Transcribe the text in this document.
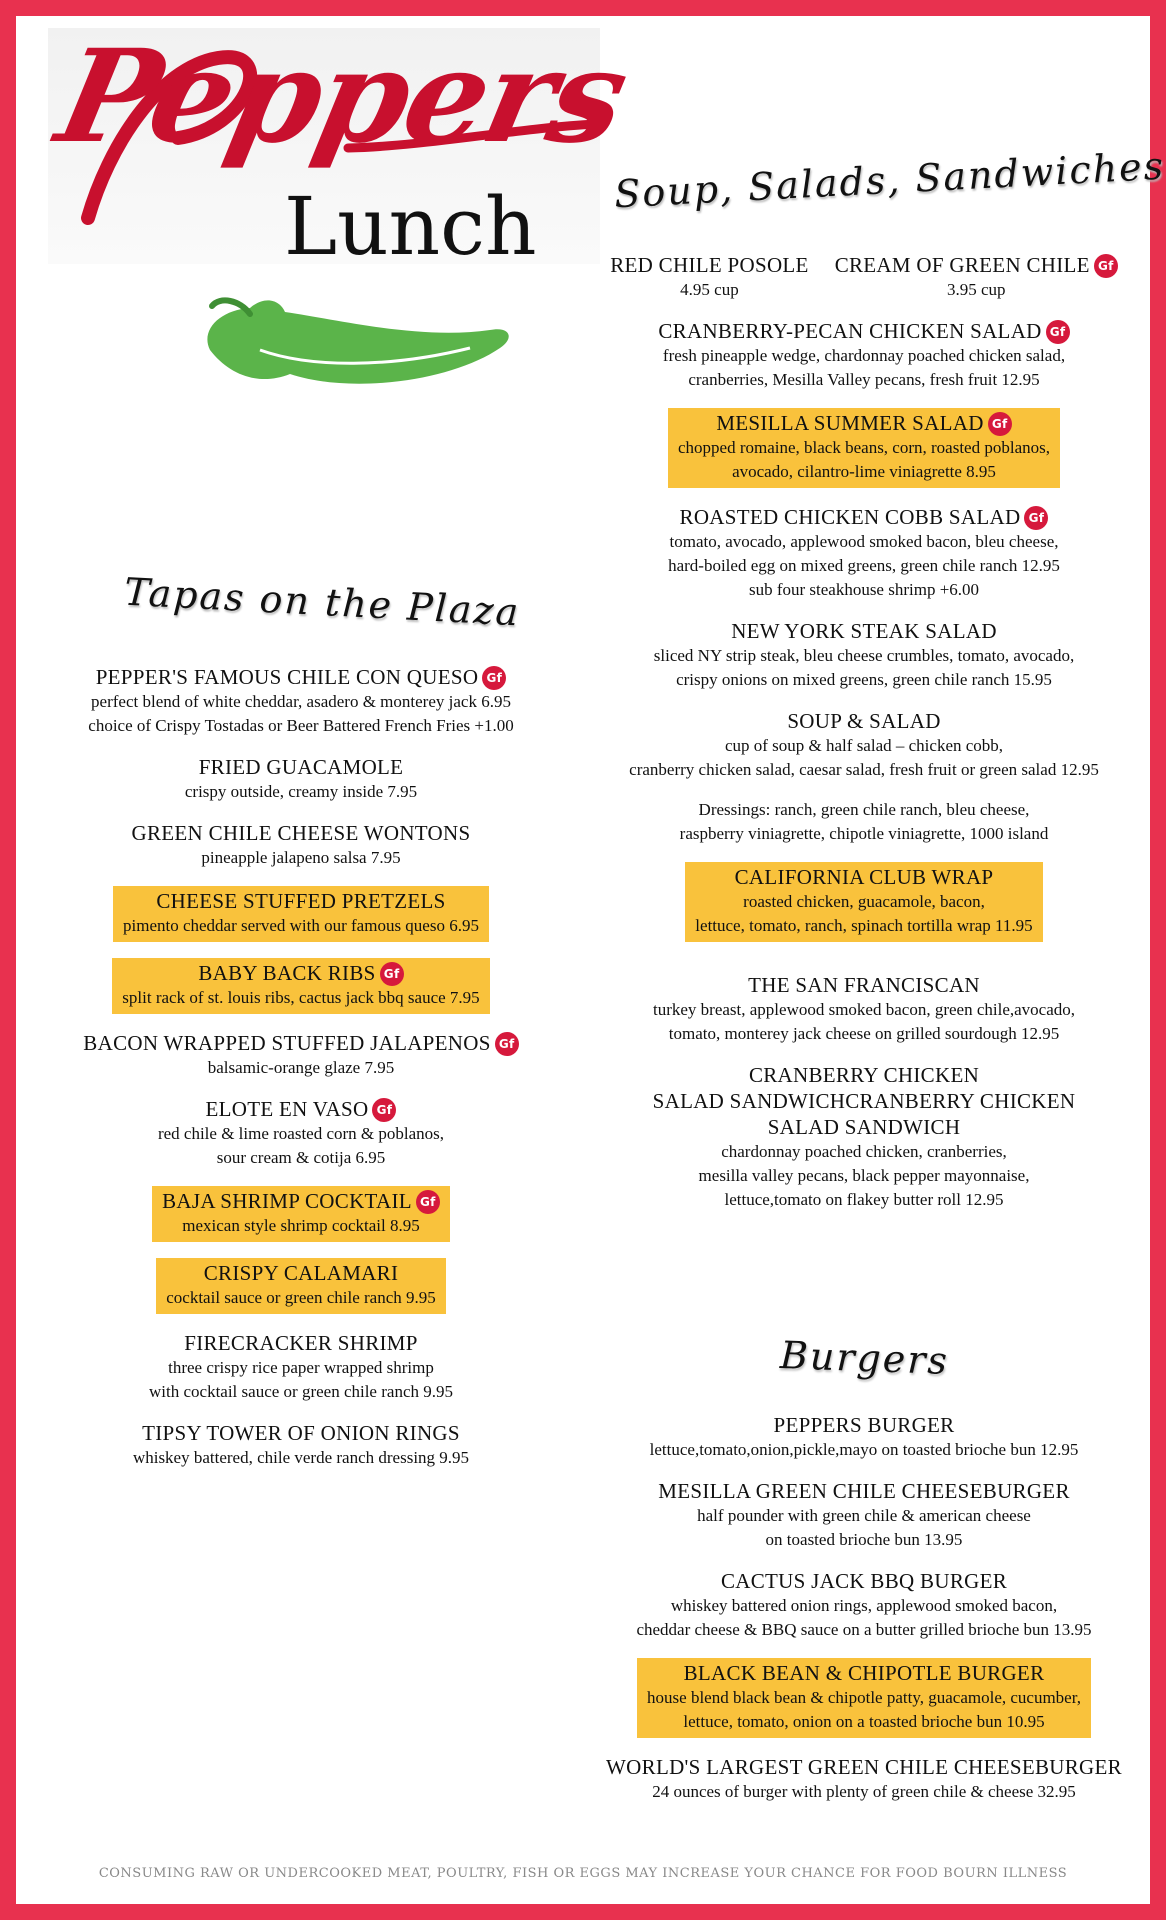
Peppers
Lunch
Tapas on the Plaza
Soup, Salads, Sandwiches
Burgers
PEPPER'S FAMOUS CHILE CON QUESO Gf
perfect blend of white cheddar, asadero & monterey jack 6.95
choice of Crispy Tostadas or Beer Battered French Fries +1.00
FRIED GUACAMOLE
crispy outside, creamy inside 7.95
GREEN CHILE CHEESE WONTONS
pineapple jalapeno salsa 7.95
CHEESE STUFFED PRETZELS
pimento cheddar served with our famous queso 6.95
BABY BACK RIBS Gf
split rack of st. louis ribs, cactus jack bbq sauce 7.95
BACON WRAPPED STUFFED JALAPENOS Gf
balsamic-orange glaze 7.95
ELOTE EN VASO Gf
red chile & lime roasted corn & poblanos,
sour cream & cotija 6.95
BAJA SHRIMP COCKTAIL Gf
mexican style shrimp cocktail 8.95
CRISPY CALAMARI
cocktail sauce or green chile ranch 9.95
FIRECRACKER SHRIMP
three crispy rice paper wrapped shrimp
with cocktail sauce or green chile ranch 9.95
TIPSY TOWER OF ONION RINGS
whiskey battered, chile verde ranch dressing 9.95
RED CHILE POSOLE
4.95 cup
CREAM OF GREEN CHILE Gf
3.95 cup
CRANBERRY-PECAN CHICKEN SALAD Gf
fresh pineapple wedge, chardonnay poached chicken salad,
cranberries, Mesilla Valley pecans, fresh fruit 12.95
MESILLA SUMMER SALAD Gf
chopped romaine, black beans, corn, roasted poblanos,
avocado, cilantro-lime viniagrette 8.95
ROASTED CHICKEN COBB SALAD Gf
tomato, avocado, applewood smoked bacon, bleu cheese,
hard-boiled egg on mixed greens, green chile ranch 12.95
sub four steakhouse shrimp +6.00
NEW YORK STEAK SALAD
sliced NY strip steak, bleu cheese crumbles, tomato, avocado,
crispy onions on mixed greens, green chile ranch 15.95
SOUP & SALAD
cup of soup & half salad – chicken cobb,
cranberry chicken salad, caesar salad, fresh fruit or green salad 12.95
Dressings: ranch, green chile ranch, bleu cheese,
raspberry viniagrette, chipotle viniagrette, 1000 island
CALIFORNIA CLUB WRAP
roasted chicken, guacamole, bacon,
lettuce, tomato, ranch, spinach tortilla wrap 11.95
THE SAN FRANCISCAN
turkey breast, applewood smoked bacon, green chile,avocado,
tomato, monterey jack cheese on grilled sourdough 12.95
CRANBERRY CHICKEN
SALAD SANDWICHCRANBERRY CHICKEN
SALAD SANDWICH
chardonnay poached chicken, cranberries,
mesilla valley pecans, black pepper mayonnaise,
lettuce,tomato on flakey butter roll 12.95
PEPPERS BURGER
lettuce,tomato,onion,pickle,mayo on toasted brioche bun 12.95
MESILLA GREEN CHILE CHEESEBURGER
half pounder with green chile & american cheese
on toasted brioche bun 13.95
CACTUS JACK BBQ BURGER
whiskey battered onion rings, applewood smoked bacon,
cheddar cheese & BBQ sauce on a butter grilled brioche bun 13.95
BLACK BEAN & CHIPOTLE BURGER
house blend black bean & chipotle patty, guacamole, cucumber,
lettuce, tomato, onion on a toasted brioche bun 10.95
WORLD'S LARGEST GREEN CHILE CHEESEBURGER
24 ounces of burger with plenty of green chile & cheese 32.95
CONSUMING RAW OR UNDERCOOKED MEAT, POULTRY, FISH OR EGGS MAY INCREASE YOUR CHANCE FOR FOOD BOURN ILLNESS
